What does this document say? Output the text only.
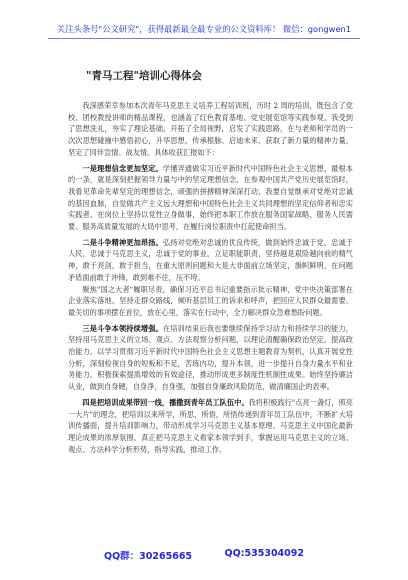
关注头条号"公文研究"，获得最新最全最专业的公文资料库！ 微信：gongwen1
"青马工程"培训心得体会

我深感荣幸参加本次青年马克思主义培养工程培训班，历时 2 周的培训，既包含了党校、团校教授讲师的精品课程，也涵盖了红色教育基地、党史展览馆等实践参观，我受到了思想洗礼，夯实了理论基础，开拓了全局视野，启发了实践思路，在与老师和学员的一次次思想碰撞中感悟初心，升华思想，传承根脉、启迪未来，获取了新力量的精神力量，坚定了同伴宣情、战友情。具体收获汇报如下：

一是理想信念更加坚定。学懂弄通做实习近平新时代中国特色社会主义思想，最根本的一条，就是深刻把握领导力量与中的坚定理想信念，在参观中国共产党历史展览馆时，我看见革命先辈坚定的理想信念，顽强的拼搏精神深深打动，我要自觉继承对党绝对忠诚的基因血脉，自觉做共产主义远大理想和中国特色社会主义共同理想的坚定信仰者和忠实实践者，在岗位上坚持以党性立身做事，始终把本职工作放在服务国家战略、服务人民需要、服务高质量发展的大局中思考，在履行岗位职责中扛起使命担当。

二是斗争精神更加昂扬。弘扬对党绝对忠诚的优良传统，做到始终忠诚于党、忠诚于人民，忠诚于马克思主义，忠诚于党的事业，立足职能职责，坚持越是艰险越向前的精气神，敢于亮剑，敢于担当，在重大原则问题和大是大非面前立场坚定，旗帜鲜明，在问题矛盾面前敢于冲锋，敢到难不住，压不垮。

聚焦"国之大者"履职尽责，确保习近平总书记重要指示批示精神，党中央决策部署在企业落实落地。坚持走群众路线，倾听基层员工的诉求和呼声，把回应人民群众最需要、最关切的事项摆在首位，放在心里，落实在行动中，全力解决群众急难愁盼问题。

三是斗争本领持续增强。在培训结束后我也要继续保持学习动力和持续学习的能力，坚持用马克思主义的立场、观点、方法观察分析问题，以理论清醒确保政治坚定，提高政治能力。以学习贯彻习近平新时代中国特色社会主义思想主题教育为契机，认真开展党性分析，深刻检视自身的短板和不足，苦练内功，提升本领，进一步提升自身力量水平和业务能力，积极探索提质增效的有效途径，推动形成更多制度性机制性成果。始终坚持廉洁从业，做到自身硬，自身净，自身强，加强自身廉政风险防范，做清廉国企的表率。

四是把培训成果带回一线，播撒到青年员工队伍中。我将积极践行"点亮一盏灯，照亮一大片"的理念，把培训以来所学，所思，所悟，所悟传递到青年员工队伍中，不断扩大培训传播面，提升培训影响力，带动形成学习马克思主义基本原理、马克思主义中国化最新理论成果的浓厚氛围，真正把马克思主义看家本领学到手，掌握运用马克思主义的立场、观点、方法科学分析形势，指导实践，推动工作。

QQ群：30265665	QQ:535304092
